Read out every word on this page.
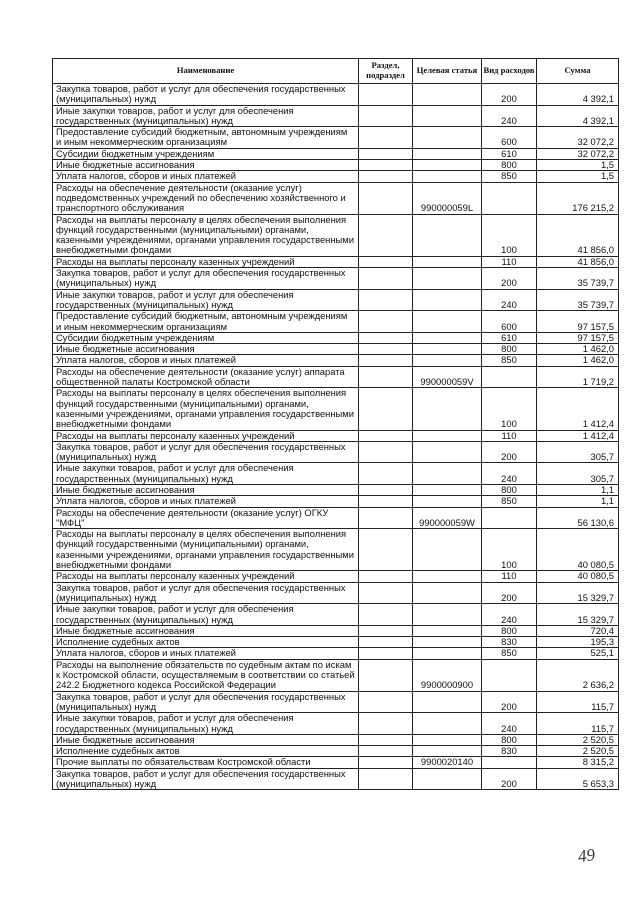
Наименование	Раздел, подраздел	Целевая статья	Вид расходов	Сумма
Закупка товаров, работ и услуг для обеспечения государственных (муниципальных) нужд			200	4 392,1
Иные закупки товаров, работ и услуг для обеспечения государственных (муниципальных) нужд			240	4 392,1
Предоставление субсидий бюджетным, автономным учреждениям и иным некоммерческим организациям			600	32 072,2
Субсидии бюджетным учреждениям			610	32 072,2
Иные бюджетные ассигнования			800	1,5
Уплата налогов, сборов и иных платежей			850	1,5
Расходы на обеспечение деятельности (оказание услуг) подведомственных учреждений по обеспечению хозяйственного и транспортного обслуживания		990000059L		176 215,2
Расходы на выплаты персоналу в целях обеспечения выполнения функций государственными (муниципальными) органами, казенными учреждениями, органами управления государственными внебюджетными фондами			100	41 856,0
Расходы на выплаты персоналу казенных учреждений			110	41 856,0
Закупка товаров, работ и услуг для обеспечения государственных (муниципальных) нужд			200	35 739,7
Иные закупки товаров, работ и услуг для обеспечения государственных (муниципальных) нужд			240	35 739,7
Предоставление субсидий бюджетным, автономным учреждениям и иным некоммерческим организациям			600	97 157,5
Субсидии бюджетным учреждениям			610	97 157,5
Иные бюджетные ассигнования			800	1 462,0
Уплата налогов, сборов и иных платежей			850	1 462,0
Расходы на обеспечение деятельности (оказание услуг) аппарата общественной палаты Костромской области		990000059V		1 719,2
Расходы на выплаты персоналу в целях обеспечения выполнения функций государственными (муниципальными) органами, казенными учреждениями, органами управления государственными внебюджетными фондами			100	1 412,4
Расходы на выплаты персоналу казенных учреждений			110	1 412,4
Закупка товаров, работ и услуг для обеспечения государственных (муниципальных) нужд			200	305,7
Иные закупки товаров, работ и услуг для обеспечения государственных (муниципальных) нужд			240	305,7
Иные бюджетные ассигнования			800	1,1
Уплата налогов, сборов и иных платежей			850	1,1
Расходы на обеспечение деятельности (оказание услуг) ОГКУ "МФЦ"		990000059W		56 130,6
Расходы на выплаты персоналу в целях обеспечения выполнения функций государственными (муниципальными) органами, казенными учреждениями, органами управления государственными внебюджетными фондами			100	40 080,5
Расходы на выплаты персоналу казенных учреждений			110	40 080,5
Закупка товаров, работ и услуг для обеспечения государственных (муниципальных) нужд			200	15 329,7
Иные закупки товаров, работ и услуг для обеспечения государственных (муниципальных) нужд			240	15 329,7
Иные бюджетные ассигнования			800	720,4
Исполнение судебных актов			830	195,3
Уплата налогов, сборов и иных платежей			850	525,1
Расходы на выполнение обязательств по судебным актам по искам к Костромской области, осуществляемым в соответствии со статьей 242.2 Бюджетного кодекса Российской Федерации		9900000900		2 636,2
Закупка товаров, работ и услуг для обеспечения государственных (муниципальных) нужд			200	115,7
Иные закупки товаров, работ и услуг для обеспечения государственных (муниципальных) нужд			240	115,7
Иные бюджетные ассигнования			800	2 520,5
Исполнение судебных актов			830	2 520,5
Прочие выплаты по обязательствам Костромской области		9900020140		8 315,2
Закупка товаров, работ и услуг для обеспечения государственных (муниципальных) нужд			200	5 653,3
49
